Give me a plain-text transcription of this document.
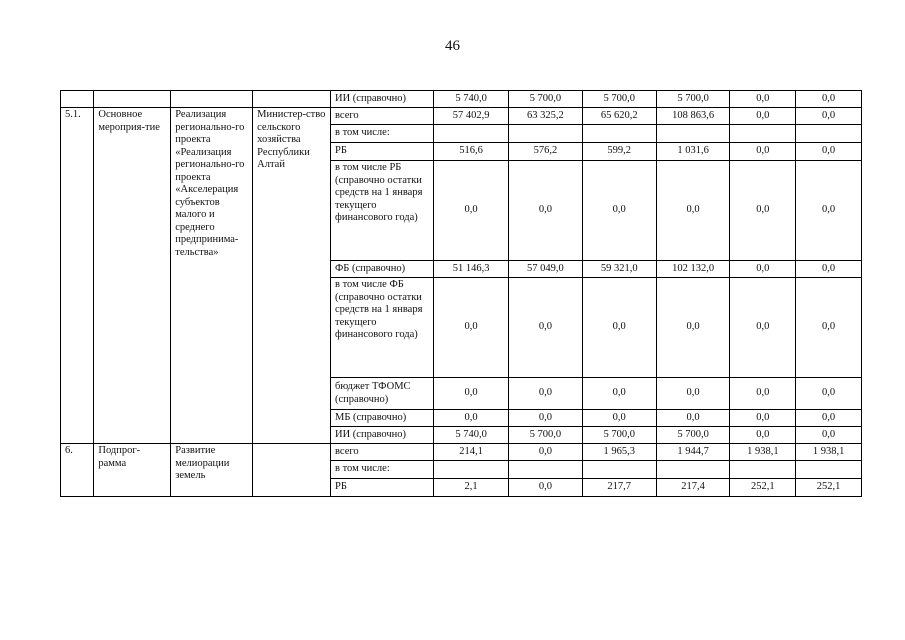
46
				ИИ (справочно)	5 740,0	5 700,0	5 700,0	5 700,0	0,0	0,0
5.1.	Основное мероприя-тие	Реализация регионально-го проекта «Реализация регионально-го проекта «Акселерация субъектов малого и среднего предпринима-тельства»	Министер-ство сельского хозяйства Республики Алтай	всего	57 402,9	63 325,2	65 620,2	108 863,6	0,0	0,0
				в том числе:						
				РБ	516,6	576,2	599,2	1 031,6	0,0	0,0
				в том числе РБ (справочно остатки средств на 1 января текущего финансового года)	0,0	0,0	0,0	0,0	0,0	0,0
				ФБ (справочно)	51 146,3	57 049,0	59 321,0	102 132,0	0,0	0,0
				в том числе ФБ (справочно остатки средств на 1 января текущего финансового года)	0,0	0,0	0,0	0,0	0,0	0,0
				бюджет ТФОМС (справочно)	0,0	0,0	0,0	0,0	0,0	0,0
				МБ (справочно)	0,0	0,0	0,0	0,0	0,0	0,0
				ИИ (справочно)	5 740,0	5 700,0	5 700,0	5 700,0	0,0	0,0
6.	Подпрог-рамма	Развитие мелиорации земель		всего	214,1	0,0	1 965,3	1 944,7	1 938,1	1 938,1
				в том числе:						
				РБ	2,1	0,0	217,7	217,4	252,1	252,1
